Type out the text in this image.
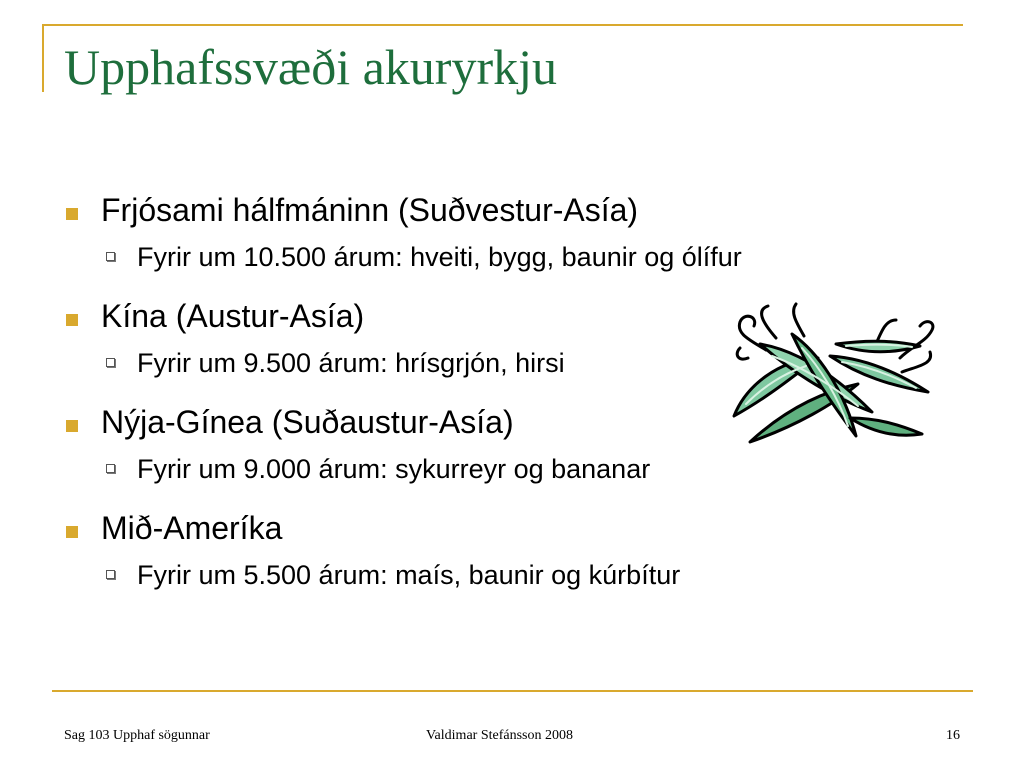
Upphafssvæði akuryrkju
Frjósami hálfmáninn (Suðvestur-Asía)
Fyrir um 10.500 árum: hveiti, bygg, baunir og ólífur
Kína (Austur-Asía)
Fyrir um 9.500 árum: hrísgrjón, hirsi
Nýja-Gínea (Suðaustur-Asía)
Fyrir um 9.000 árum: sykurreyr og bananar
Mið-Ameríka
Fyrir um 5.500 árum: maís, baunir og kúrbítur
Sag 103 Upphaf sögunnar	Valdimar Stefánsson 2008	16
